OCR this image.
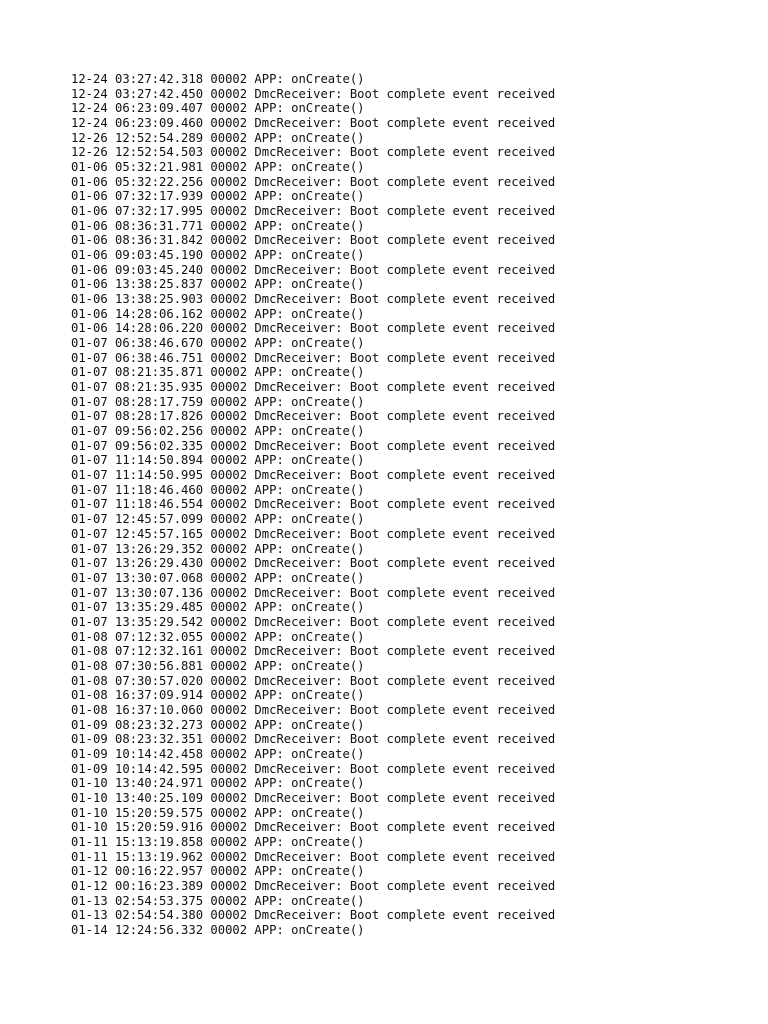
12-24 03:27:42.318 00002 APP: onCreate()
12-24 03:27:42.450 00002 DmcReceiver: Boot complete event received
12-24 06:23:09.407 00002 APP: onCreate()
12-24 06:23:09.460 00002 DmcReceiver: Boot complete event received
12-26 12:52:54.289 00002 APP: onCreate()
12-26 12:52:54.503 00002 DmcReceiver: Boot complete event received
01-06 05:32:21.981 00002 APP: onCreate()
01-06 05:32:22.256 00002 DmcReceiver: Boot complete event received
01-06 07:32:17.939 00002 APP: onCreate()
01-06 07:32:17.995 00002 DmcReceiver: Boot complete event received
01-06 08:36:31.771 00002 APP: onCreate()
01-06 08:36:31.842 00002 DmcReceiver: Boot complete event received
01-06 09:03:45.190 00002 APP: onCreate()
01-06 09:03:45.240 00002 DmcReceiver: Boot complete event received
01-06 13:38:25.837 00002 APP: onCreate()
01-06 13:38:25.903 00002 DmcReceiver: Boot complete event received
01-06 14:28:06.162 00002 APP: onCreate()
01-06 14:28:06.220 00002 DmcReceiver: Boot complete event received
01-07 06:38:46.670 00002 APP: onCreate()
01-07 06:38:46.751 00002 DmcReceiver: Boot complete event received
01-07 08:21:35.871 00002 APP: onCreate()
01-07 08:21:35.935 00002 DmcReceiver: Boot complete event received
01-07 08:28:17.759 00002 APP: onCreate()
01-07 08:28:17.826 00002 DmcReceiver: Boot complete event received
01-07 09:56:02.256 00002 APP: onCreate()
01-07 09:56:02.335 00002 DmcReceiver: Boot complete event received
01-07 11:14:50.894 00002 APP: onCreate()
01-07 11:14:50.995 00002 DmcReceiver: Boot complete event received
01-07 11:18:46.460 00002 APP: onCreate()
01-07 11:18:46.554 00002 DmcReceiver: Boot complete event received
01-07 12:45:57.099 00002 APP: onCreate()
01-07 12:45:57.165 00002 DmcReceiver: Boot complete event received
01-07 13:26:29.352 00002 APP: onCreate()
01-07 13:26:29.430 00002 DmcReceiver: Boot complete event received
01-07 13:30:07.068 00002 APP: onCreate()
01-07 13:30:07.136 00002 DmcReceiver: Boot complete event received
01-07 13:35:29.485 00002 APP: onCreate()
01-07 13:35:29.542 00002 DmcReceiver: Boot complete event received
01-08 07:12:32.055 00002 APP: onCreate()
01-08 07:12:32.161 00002 DmcReceiver: Boot complete event received
01-08 07:30:56.881 00002 APP: onCreate()
01-08 07:30:57.020 00002 DmcReceiver: Boot complete event received
01-08 16:37:09.914 00002 APP: onCreate()
01-08 16:37:10.060 00002 DmcReceiver: Boot complete event received
01-09 08:23:32.273 00002 APP: onCreate()
01-09 08:23:32.351 00002 DmcReceiver: Boot complete event received
01-09 10:14:42.458 00002 APP: onCreate()
01-09 10:14:42.595 00002 DmcReceiver: Boot complete event received
01-10 13:40:24.971 00002 APP: onCreate()
01-10 13:40:25.109 00002 DmcReceiver: Boot complete event received
01-10 15:20:59.575 00002 APP: onCreate()
01-10 15:20:59.916 00002 DmcReceiver: Boot complete event received
01-11 15:13:19.858 00002 APP: onCreate()
01-11 15:13:19.962 00002 DmcReceiver: Boot complete event received
01-12 00:16:22.957 00002 APP: onCreate()
01-12 00:16:23.389 00002 DmcReceiver: Boot complete event received
01-13 02:54:53.375 00002 APP: onCreate()
01-13 02:54:54.380 00002 DmcReceiver: Boot complete event received
01-14 12:24:56.332 00002 APP: onCreate()
